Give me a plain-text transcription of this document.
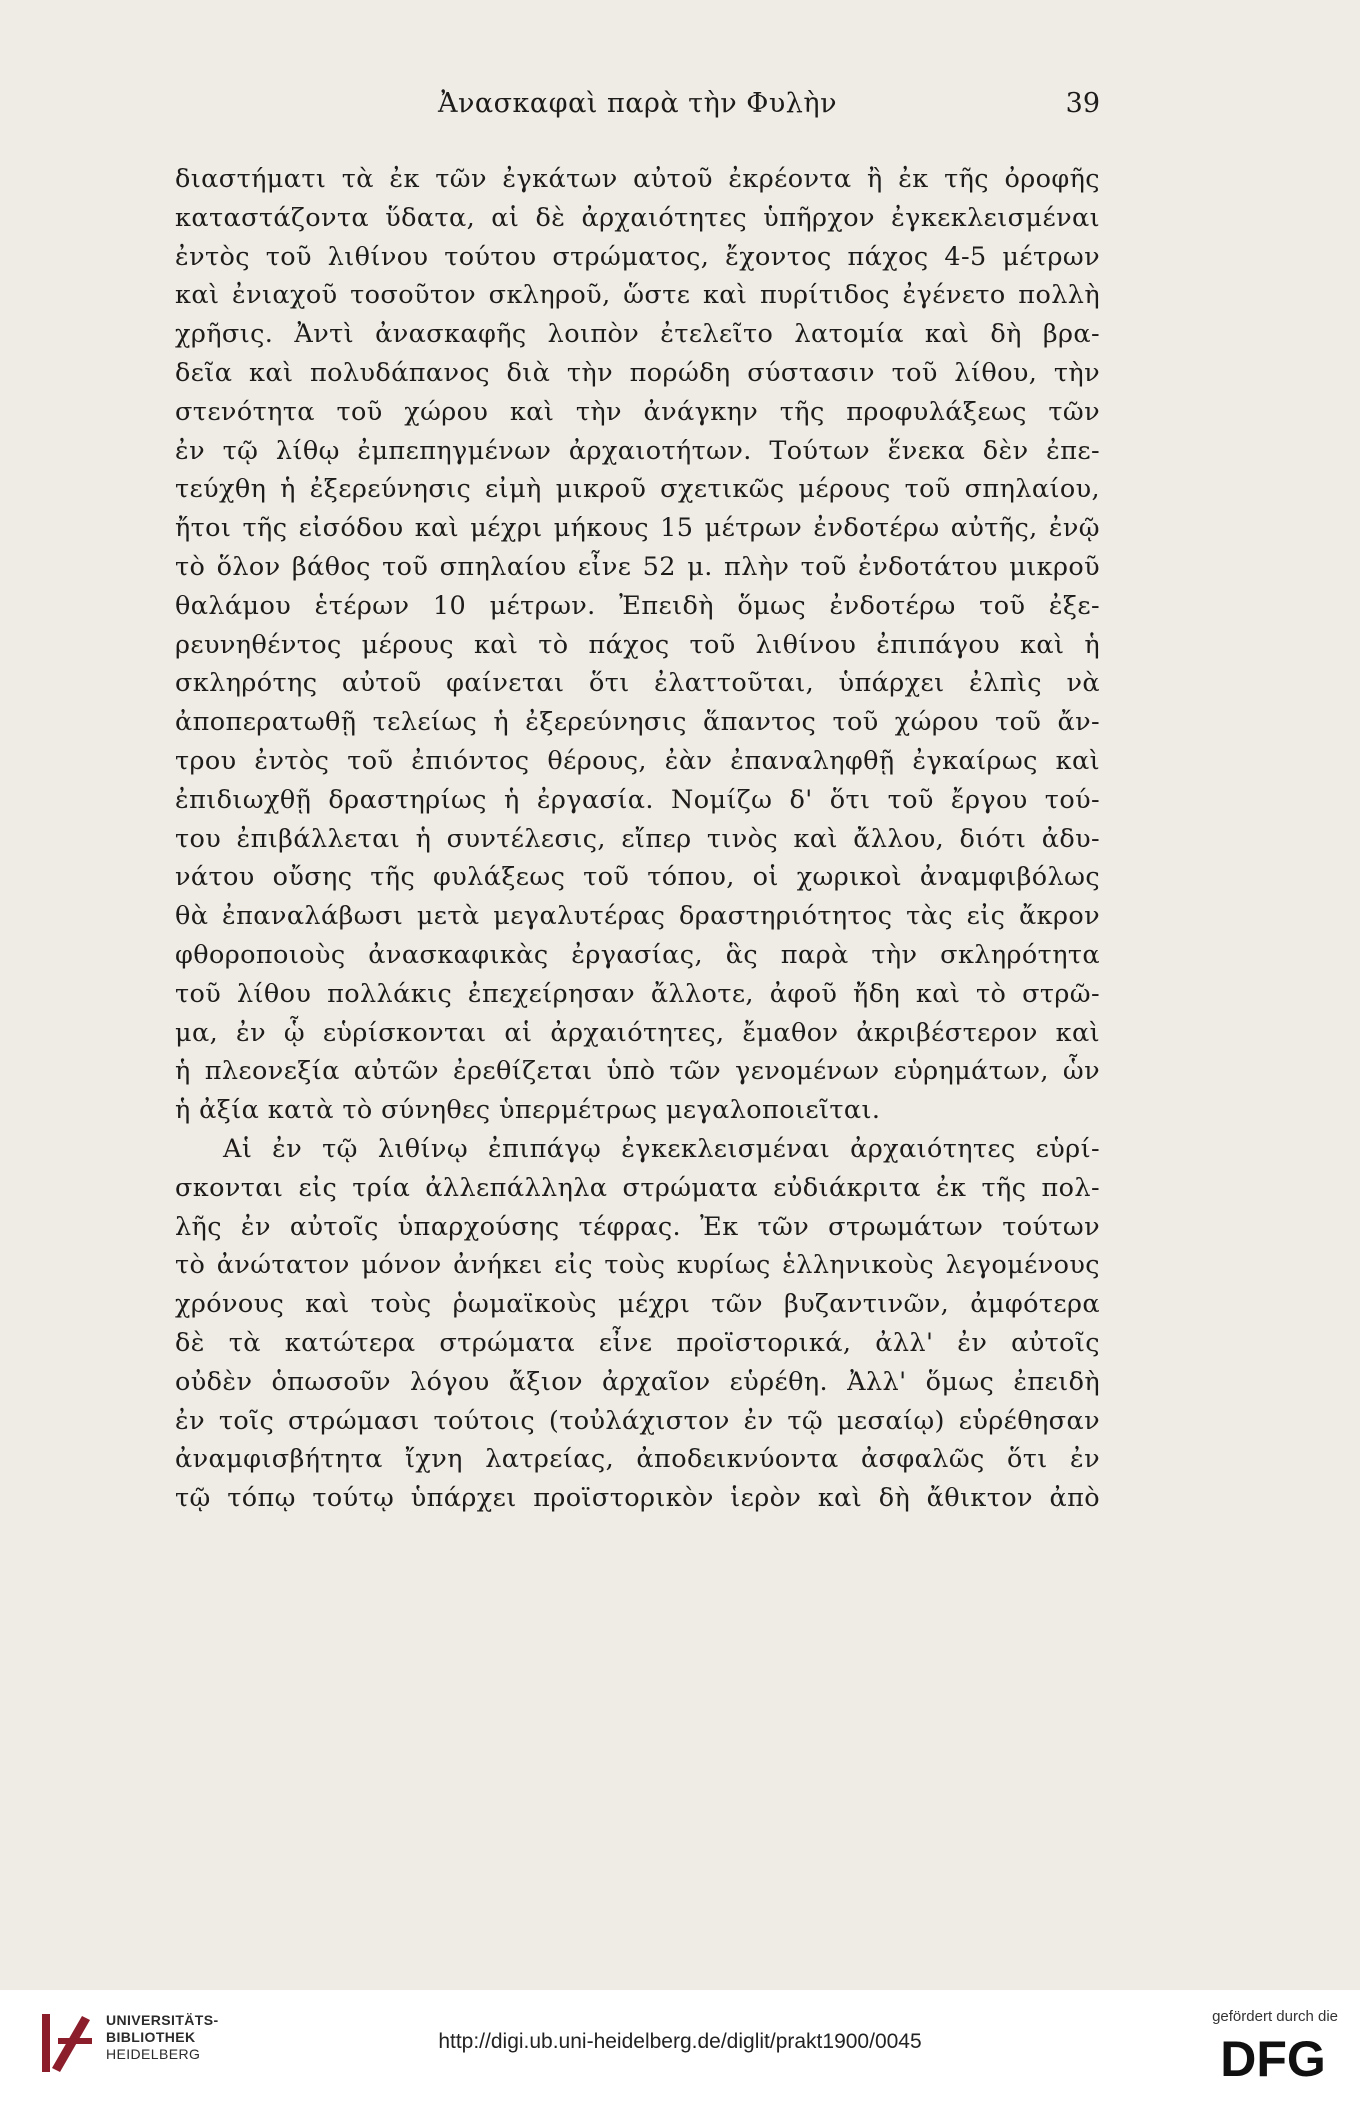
Ἀνασκαφαὶ παρὰ τὴν Φυλὴν	39
διαστήματι τὰ ἐκ τῶν ἐγκάτων αὐτοῦ ἐκρέοντα ἢ ἐκ τῆς ὀροφῆς
καταστάζοντα ὕδατα, αἱ δὲ ἀρχαιότητες ὑπῆρχον ἐγκεκλεισμέναι
ἐντὸς τοῦ λιθίνου τούτου στρώματος, ἔχοντος πάχος 4-5 μέτρων
καὶ ἐνιαχοῦ τοσοῦτον σκληροῦ, ὥστε καὶ πυρίτιδος ἐγένετο πολλὴ
χρῆσις. Ἀντὶ ἀνασκαφῆς λοιπὸν ἐτελεῖτο λατομία καὶ δὴ βρα-
δεῖα καὶ πολυδάπανος διὰ τὴν πορώδη σύστασιν τοῦ λίθου, τὴν
στενότητα τοῦ χώρου καὶ τὴν ἀνάγκην τῆς προφυλάξεως τῶν
ἐν τῷ λίθῳ ἐμπεπηγμένων ἀρχαιοτήτων. Τούτων ἕνεκα δὲν ἐπε-
τεύχθη ἡ ἐξερεύνησις εἰμὴ μικροῦ σχετικῶς μέρους τοῦ σπηλαίου,
ἤτοι τῆς εἰσόδου καὶ μέχρι μήκους 15 μέτρων ἐνδοτέρω αὐτῆς, ἐνῷ
τὸ ὅλον βάθος τοῦ σπηλαίου εἶνε 52 μ. πλὴν τοῦ ἐνδοτάτου μικροῦ
θαλάμου ἑτέρων 10 μέτρων. Ἐπειδὴ ὅμως ἐνδοτέρω τοῦ ἐξε-
ρευνηθέντος μέρους καὶ τὸ πάχος τοῦ λιθίνου ἐπιπάγου καὶ ἡ
σκληρότης αὐτοῦ φαίνεται ὅτι ἐλαττοῦται, ὑπάρχει ἐλπὶς νὰ
ἀποπερατωθῇ τελείως ἡ ἐξερεύνησις ἅπαντος τοῦ χώρου τοῦ ἄν-
τρου ἐντὸς τοῦ ἐπιόντος θέρους, ἐὰν ἐπαναληφθῇ ἐγκαίρως καὶ
ἐπιδιωχθῇ δραστηρίως ἡ ἐργασία. Νομίζω δ' ὅτι τοῦ ἔργου τού-
του ἐπιβάλλεται ἡ συντέλεσις, εἴπερ τινὸς καὶ ἄλλου, διότι ἀδυ-
νάτου οὔσης τῆς φυλάξεως τοῦ τόπου, οἱ χωρικοὶ ἀναμφιβόλως
θὰ ἐπαναλάβωσι μετὰ μεγαλυτέρας δραστηριότητος τὰς εἰς ἄκρον
φθοροποιοὺς ἀνασκαφικὰς ἐργασίας, ἃς παρὰ τὴν σκληρότητα
τοῦ λίθου πολλάκις ἐπεχείρησαν ἄλλοτε, ἀφοῦ ἤδη καὶ τὸ στρῶ-
μα, ἐν ᾧ εὑρίσκονται αἱ ἀρχαιότητες, ἔμαθον ἀκριβέστερον καὶ
ἡ πλεονεξία αὐτῶν ἐρεθίζεται ὑπὸ τῶν γενομένων εὑρημάτων, ὧν
ἡ ἀξία κατὰ τὸ σύνηθες ὑπερμέτρως μεγαλοποιεῖται.
Αἱ ἐν τῷ λιθίνῳ ἐπιπάγῳ ἐγκεκλεισμέναι ἀρχαιότητες εὑρί-
σκονται εἰς τρία ἀλλεπάλληλα στρώματα εὐδιάκριτα ἐκ τῆς πολ-
λῆς ἐν αὐτοῖς ὑπαρχούσης τέφρας. Ἐκ τῶν στρωμάτων τούτων
τὸ ἀνώτατον μόνον ἀνήκει εἰς τοὺς κυρίως ἑλληνικοὺς λεγομένους
χρόνους καὶ τοὺς ῥωμαϊκοὺς μέχρι τῶν βυζαντινῶν, ἀμφότερα
δὲ τὰ κατώτερα στρώματα εἶνε προϊστορικά, ἀλλ' ἐν αὐτοῖς
οὐδὲν ὁπωσοῦν λόγου ἄξιον ἀρχαῖον εὑρέθη. Ἀλλ' ὅμως ἐπειδὴ
ἐν τοῖς στρώμασι τούτοις (τοὐλάχιστον ἐν τῷ μεσαίῳ) εὑρέθησαν
ἀναμφισβήτητα ἴχνη λατρείας, ἀποδεικνύοντα ἀσφαλῶς ὅτι ἐν
τῷ τόπῳ τούτῳ ὑπάρχει προϊστορικὸν ἱερὸν καὶ δὴ ἄθικτον ἀπὸ
UNIVERSITÄTS-
BIBLIOTHEK
HEIDELBERG
http://digi.ub.uni-heidelberg.de/diglit/prakt1900/0045
gefördert durch die
DFG
